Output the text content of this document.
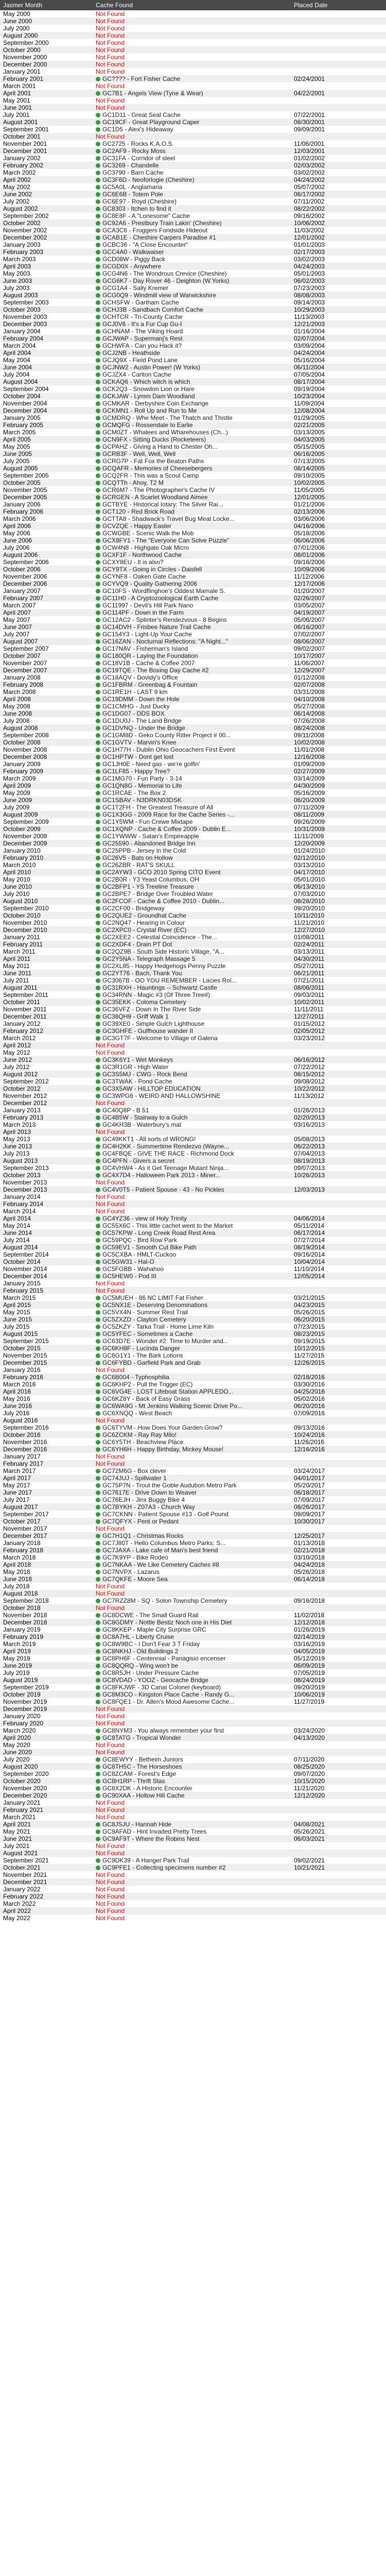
Jasmer Month	Cache Found	Placed Date
May 2000	Not Found	
June 2000	Not Found	
July 2000	Not Found	
August 2000	Not Found	
September 2000	Not Found	
October 2000	Not Found	
November 2000	Not Found	
December 2000	Not Found	
January 2001	Not Found	
February 2001	GC???? - Fort Fisher Cache	02/24/2001
March 2001	Not Found	
April 2001	GC7B1 - Angels View (Tyne & Wear)	04/22/2001
May 2001	Not Found	
June 2001	Not Found	
July 2001	GC1D11 - Great Seal Cache	07/22/2001
August 2001	GC19CF - Great Playground Caper	08/30/2001
September 2001	GC1D5 - Alex's Hideaway	09/09/2001
October 2001	Not Found	
November 2001	GC2725 - Rocks K.A.O.S.	11/06/2001
December 2001	GC2AF9 - Rocky Moss	12/03/2001
January 2002	GC31FA - Corridor of steel	01/02/2002
February 2002	GC3269 - Chandelle	02/03/2002
March 2002	GC3790 - Barn Cache	03/02/2002
April 2002	GC3F6D - Neoforlogie (Cheshire)	04/24/2002
May 2002	GC5A0L - Anglamaria	05/07/2002
June 2002	GC6E6B - Totem Pole	06/17/2002
July 2002	GC6E97 - Royd (Cheshire)	07/11/2002
August 2002	GC8303 - Itchen to find it	08/22/2002
September 2002	GC8E8F - A "Lonesome" Cache	09/16/2002
October 2002	GC92A6 - Prestbury Train Lakin' (Cheshire)	10/06/2002
November 2002	GCA3C6 - Froggers Fondside Hideout	11/03/2002
December 2002	GCAB1E - Cheshire Carpers Paradise #1	12/01/2002
January 2003	GCBC36 - "A Close Encounter"	01/01/2003
February 2003	GCC4A0 - Walkwaiser	02/17/2003
March 2003	GCD08W - Piggy Back	03/02/2003
April 2003	GCGD0X - Anywhere	04/24/2003
May 2003	GCG4N6 - The Wondrous Crevice (Cheshire)	05/01/2003
June 2003	GCG6K7 - Day Rover 46 - Deighton (W.Yorks)	06/02/2003
July 2003	GCG1A4 - Sally Kremer	07/23/2003
August 2003	GCG0Q9 - Windmill view of Warwickshire	08/08/2003
September 2003	GCHSFW - Gartham Cache	09/14/2003
October 2003	GCHJ3B - Sandbach Comfort Cache	10/29/2003
November 2003	GCHTCR - Tri-County Cache	11/13/2003
December 2003	GCJ0V6 - It's a Fur Cup Gu-I	12/21/2003
January 2004	GCHNAM - The Viking Hoard	01/16/2004
February 2004	GCJWAP - Supermanj's Rest	02/07/2004
March 2004	GCHWFA - Can you Hack it?	03/09/2004
April 2004	GCJ2NB - Heathside	04/24/2004
May 2004	GCJQ9X - Field Pond Lane	05/16/2004
June 2004	GCJNW2 - Austin Power! (W Yorks)	06/11/2004
July 2004	GCJZX4 - Carlton Cache	07/05/2004
August 2004	GCKAQ6 - Which witch is which	08/17/2004
September 2004	GCK2Q3 - Snowdon Lion or Hare	09/19/2004
October 2004	GCKJAW - Lymm Dam Woodland	10/23/2004
November 2004	GCMKAR - Derbyshire Coin Exchange	11/09/2004
December 2004	GCKMN1 - Roll Up and Run to Me	12/08/2004
January 2005	GCMDRQ - Whe Meet - The Thatch and Thistle	01/29/2005
February 2005	GCMQFG - Rossendale to Earlie	02/21/2005
March 2005	GCM0ZT - Whalees and Wharehouses (Ch...)	03/13/2005
April 2005	GCN9FX - Sitting Ducks (Rocketeers)	04/03/2005
May 2005	GCPAHZ - Giving a Hand to Chester Oh...	05/15/2005
June 2005	GCRB3F - Well, Well, Well	06/16/2005
July 2005	GCRG7P - Fat Fox the Beaton Paths	07/13/2005
August 2005	GCQAFR - Memories of Cheesebergers	08/14/2005
September 2005	GCQ2FR - This was a Scout Camp	09/10/2005
October 2005	GCQTTh - Ahoy, T2 M	10/02/2005
November 2005	GCR6M7 - The Photographer's Cache IV	11/05/2005
December 2005	GCRGEN - A Scarlet Woodland Aimee	12/01/2005
January 2006	GCTBYE - Historical Iotary: The Silver Rai...	01/21/2006
February 2006	GCT120 - Red Brick Road	02/13/2006
March 2006	GCTTA8 - Shadwack's Travel Bug Meat Locke...	03/06/2006
April 2006	GCVZQE - Happy Easter	04/16/2006
May 2006	GCWGBE - Scenic Walk the Mob	05/18/2006
June 2006	GCX8FY1 - The "Everyone Can Solve Puzzle"	06/06/2006
July 2006	GCW4N8 - Highgate Oak Micro	07/01/2006
August 2006	GCXF1F - Northwood Cache	08/01/2006
September 2006	GCXY8EU - It is also?	09/16/2006
October 2006	GCY9TX - Going in Circles - Daisfell	10/09/2006
November 2006	GCYNF8 - Oaken Gate Cache	11/12/2006
December 2006	GCYVQ9 - Quality Gathering 2006	12/17/2006
January 2007	GC10FS - Wordflinghoe's Oddest Mamale S.	01/20/2007
February 2007	GC11H0 - A Cryptozoological Earth Cache	02/26/2007
March 2007	GC11997 - Devil's Hill Park Nano	03/05/2007
April 2007	GC114PF - Down in the Farm	04/19/2007
May 2007	GC12AC2 - Splinter's Rendezvous - 8 Begins	05/06/2007
June 2007	GC14DVH - Frisbee Nature Trail Cache	06/16/2007
July 2007	GC154Y3 - Light-Up Your Cache	07/02/2007
August 2007	GC16ZAN - Nocturnal Reflections: "A Night..."	08/06/2007
September 2007	GC17NAV - Fisherman's Island	09/02/2007
October 2007	GC180QR - Laying the Foundation	10/17/2007
November 2007	GC18V1B - Cache & Coffee 2007	11/06/2007
December 2007	GC19TQE - The Boxing Day Cache #2	12/29/2007
January 2008	GC18AQV - Dovidy's Office	01/12/2008
February 2008	GC1FBRM - Greenbag & Fountain	02/07/2008
March 2008	GC1RE1H - LAST 9 km	03/31/2008
April 2008	GC19DMM - Down the Hole	04/10/2008
May 2008	GC1CMHG - Just Ducky	05/27/2008
June 2008	GC1DG07 - DDS BOX	06/14/2008
July 2008	GC1DU0J - The Land Bridge	07/26/2008
August 2008	GC1DVNQ - Under the Bridge	08/24/2008
September 2008	GC1GM8D - Geko County Ritter Project # 00...	09/11/2008
October 2008	GC1GVTV - Marvin's Knee	10/02/2008
November 2008	GC1H77H - Dublin Ohio Geocachers First Event	11/01/2008
December 2008	GC1HPTW - Dont get lost	12/16/2008
January 2009	GC1JH0E - Need gas - we're golfin'	01/09/2009
February 2009	GC1LF85 - Happy Tree?	02/27/2009
March 2009	GC1MG70 - Fun Party - 3-14	03/14/2009
April 2009	GC1QN8G - Memorial to Life	04/30/2009
May 2009	GC1RCAE - The Box 2	05/16/2009
June 2009	GC1SBAV - N3DRKN03DSK	06/20/2009
July 2009	GC1T2FH - The Greatest Treasure of All	07/11/2009
August 2009	GC1X3GG - 2009 Race for the Cache Series -...	08/11/2009
September 2009	GC1Y5WM - Fun Crewe Mixtape	09/26/2009
October 2009	GC1XQNP - Cache & Coffee 2009 - Dublin E...	10/31/2009
November 2009	GC1YWWW - Satan's Empireapple	11/11/2009
December 2009	GC25590 - Abandoned Bridge Inn	12/20/2009
January 2010	GC25PPB - Jersey in the Cold	01/24/2010
February 2010	GC26V5 - Bats on Hollow	02/12/2010
March 2010	GC26ZBR - RAT'S SKULL	03/13/2010
April 2010	GC2AYW3 - GCO 2010 Spring CITO Event	04/17/2010
May 2010	GC2B0R - Y3 Yeast Columbus, OH	05/01/2010
June 2010	GC2BFP1 - YS Treeline Treasure	06/13/2010
July 2010	GC2BPE7 - Bridge Over Troubled Water	07/03/2010
August 2010	GC2FCOF - Cache & Coffee 2010 - Dublin...	08/28/2010
September 2010	GC2CF00 - Bridgeway	09/20/2010
October 2010	GC2QUE2 - Groundhat Cache	10/11/2010
November 2010	GC2NQ47 - Hearing in Colour	11/21/2010
December 2010	GC2XPC0 - Crystal River (EC)	12/27/2010
January 2011	GC2XEE2 - Celestial Coincidence - The...	01/08/2011
February 2011	GC2XDF4 - Drain PT Dot	02/24/2011
March 2011	GC2QZ9B - South Side Historic Village, "A...	03/13/2011
April 2011	GC2Y5NA - Telegraph Massage 5	04/30/2011
May 2011	GC2XL85 - Happy Hedgehogs Penny Puzzle	05/27/2011
June 2011	GC2YT76 - Bach, Thank You	06/21/2011
July 2011	GC3067B - OO YOU REMEMBER - Lacies Rol...	07/21/2011
August 2011	GC31RXH - Hauntings -- Schwartz Castle	08/06/2011
September 2011	GC34RNN - Magic #3 (Of Three Tree#)	09/03/2011
October 2011	GC35EKK - Coloma Cemetery	10/02/2011
November 2011	GC36VFZ - Down In The River Side	11/11/2011
December 2011	GC38QH9 - Griff Walk 1	12/27/2011
January 2012	GC39XE0 - Simple Gulch Lighthouse	01/15/2012
February 2012	GC3GHFE - Gulfhouse wander II	02/05/2012
March 2012	GC3GT7F - Welcome to Village of Galena	03/23/2012
April 2012	Not Found	
May 2012	Not Found	
June 2012	GC3K6Y1 - Wet Monkeys	06/16/2012
July 2012	GC3R1GR - High Water	07/22/2012
August 2012	GC3S5MJ - CWG - Rock Bend	08/15/2012
September 2012	GC3TWAK - Pond Cache	09/08/2012
October 2012	GC3X5AW - HILLTOP EDUCATION	10/22/2012
November 2012	GC3WPG6 - WEIRD AND HALLOWSHINE	11/13/2012
December 2012	Not Found	
January 2013	GC40Q8P - B 51	01/26/2013
February 2013	GC4B5W - Stairway to a Gulch	02/20/2013
March 2013	GC4KH3B - Waterbury's mat	03/16/2013
April 2013	Not Found	
May 2013	GC49KKT1 - All sorts of WRONG!	05/08/2013
June 2013	GC4H2KK - Summertime Rendezvo (Wayne...	06/22/2013
July 2013	GC4FBQE - GIVE THE RACE - Richmond Dock	07/04/2013
August 2013	GC4PFN - Givers a secret	08/19/2013
September 2013	GC4VHW4 - As it Get Teenage Mutant Ninja...	09/07/2013
October 2013	GC4X7D4 - Halloween Park 2013 - Miner...	10/26/2013
November 2013	Not Found	
December 2013	GC4V0T5 - Patient Spouse - 43 - No Pickles	12/03/2013
January 2014	Not Found	
February 2014	Not Found	
March 2014	Not Found	
April 2014	GC4YZ36 - view of Holy Trinity	04/06/2014
May 2014	GC55X6C - This little cachet went to the Market	05/11/2014
June 2014	GC57KPW - Long Creek Road Rest Area	06/17/2014
July 2014	GC59PQC - Bird Row Park	07/27/2014
August 2014	GC59EV1 - Smooth Cut Bike Path	08/19/2014
September 2014	GC5CXBA - HMLT-Cuckoo	09/16/2014
October 2014	GC5GW31 - Hal-O	10/04/2014
November 2014	GC5FGBB - Wahahoo	11/10/2014
December 2014	GC5HEW0 - Pod III	12/05/2014
January 2015	Not Found	
February 2015	Not Found	
March 2015	GC5MUEH - 86 NC LIMIT Fat Fisher	03/21/2015
April 2015	GC5NX1E - Deserving Denominations	04/23/2015
May 2015	GC5VX4N - Summer Rest Trail	05/26/2015
June 2015	GC5ZXZD - Clayton Cemetery	06/20/2015
July 2015	GC5ZKZY - Tarka Trail - Home Lime Kiln	07/23/2015
August 2015	GC5YFEC - Sometimes a Cache	08/23/2015
September 2015	GC63D7E - Wonder #2: Time to Murder and...	09/19/2015
October 2015	GC6KH8F - Lucinda Danger	10/12/2015
November 2015	GC6G1Y1 - The Bark Lotions	11/27/2015
December 2015	GC6FYBD - Garfield Park and Grab	12/26/2015
January 2016	Not Found	
February 2016	GC6B004 - Typhosphilia	02/18/2016
March 2016	GC6KHP2 - Pull the Trigger (EC)	03/30/2016
April 2016	GC6VG4E - LOST Lifeboat Station APPLEDO...	04/25/2016
May 2016	GC6KZ8Y - Back of Easy Grass	05/02/2016
June 2016	GC6WA9G - Mt Jenkins Walking Scenic Drive Po...	06/20/2016
July 2016	GC6XNQQ - West Beach	07/09/2016
August 2016	Not Found	
September 2016	GC6TYVM - How Does Your Garden Grow?	09/13/2016
October 2016	GC6ZCKM - Ray Ray Milo!	10/24/2016
November 2016	GC6Y5TH - Beachview Place	11/26/2016
December 2016	GC6YH6H - Happy Birthday, Mickey Mouse!	12/16/2016
January 2017	Not Found	
February 2017	Not Found	
March 2017	GC72M6G - Box clever	03/24/2017
April 2017	GC74JUJ - Spillwater 1	04/01/2017
May 2017	GC75P7N - Trout the Goble Audubon Metro Park	05/20/2017
June 2017	GC7617E - Drive Down to Weaver	06/18/2017
July 2017	GC76EJH - Jinx Buggy Bike 4	07/09/2017
August 2017	GC7BYKH - Z07A3 - Church Way	08/26/2017
September 2017	GC7CKNN - Patient Spouse #13 - Golf Pound	09/09/2017
October 2017	GC7QFYX - Pent or Pedant	10/30/2017
November 2017	Not Found	
December 2017	GC7H1Q1 - Christmas Rocks	12/25/2017
January 2018	GC7J80T - Hello Columbus Metro Parks: S...	01/13/2018
February 2018	GC7JAXA - Lake cafe of Man's best friend	02/21/2018
March 2018	GC7K9YP - Bike Rodeo	03/10/2018
April 2018	GC7NKAA - We Like Cemetery Caches #8	04/24/2018
May 2018	GC7NVPX - Lazarus	05/26/2018
June 2018	GC7QKFE - Moore Sea	06/14/2018
July 2018	Not Found	
August 2018	Not Found	
September 2018	GC7RZZ8M - SQ - Solon Township Cemetery	09/16/2018
October 2018	Not Found	
November 2018	GC8DCWE - The Small Guard Rail	11/02/2018
December 2018	GC8GDMY - Nottle Bestiz Noch one in His Diet	12/12/2018
January 2019	GC8KKEP - Maple City Surprise GRC	01/26/2019
February 2019	GC8A7HL - Liberty Cruise	02/14/2019
March 2019	GC8W9BC - I Don't Fear 3 T Friday	03/16/2019
April 2019	GC8NKHJ - Old Buildings 2	04/05/2019
May 2019	GC8PH6F - Centennial - Panagisio encenser	05/12/2019
June 2019	GC8QQRQ - Wing won't be	06/09/2019
July 2019	GC8R5JH - Under Pressure Cache	07/05/2019
August 2019	GC8VDAD - YOOZ - Geocache Bridge	08/24/2019
September 2019	GC8FKJWF - 3D Canal Colonel (keyboard)	09/20/2019
October 2019	GC8M3CO - Kingston Place Cache - Randy G...	10/06/2019
November 2019	GC8FQE1 - Dr. Allen's Mood Awesome Cache...	11/27/2019
December 2019	Not Found	
January 2020	Not Found	
February 2020	Not Found	
March 2020	GC8NYM3 - You always remember your first	03/24/2020
April 2020	GC8TATG - Tropical Wonder	04/13/2020
May 2020	Not Found	
June 2020	Not Found	
July 2020	GC8EWYY - Betheim Juniors	07/11/2020
August 2020	GC8TH5C - The Horseshoes	08/25/2020
September 2020	GC8ZCAM - Forest's Edge	09/07/2020
October 2020	GC8H1RP - Thrift Stas	10/15/2020
November 2020	GC8X2DK - A Historic Encounter	11/21/2020
December 2020	GC90XAA - Hollow Hill Cache	12/12/2020
January 2021	Not Found	
February 2021	Not Found	
March 2021	Not Found	
April 2021	GC8JSJU - Hannah Hide	04/08/2021
May 2021	GC9AFAD - Hint Invaded Pretty Trees	05/26/2021
June 2021	GC9AF9T - Where the Robins Nest	06/03/2021
July 2021	Not Found	
August 2021	Not Found	
September 2021	GC9DK39 - A Hanger Park Trail	09/02/2021
October 2021	GC9PFE1 - Collecting specimens number #2	10/21/2021
November 2021	Not Found	
December 2021	Not Found	
January 2022	Not Found	
February 2022	Not Found	
March 2022	Not Found	
April 2022	Not Found	
May 2022	Not Found	
